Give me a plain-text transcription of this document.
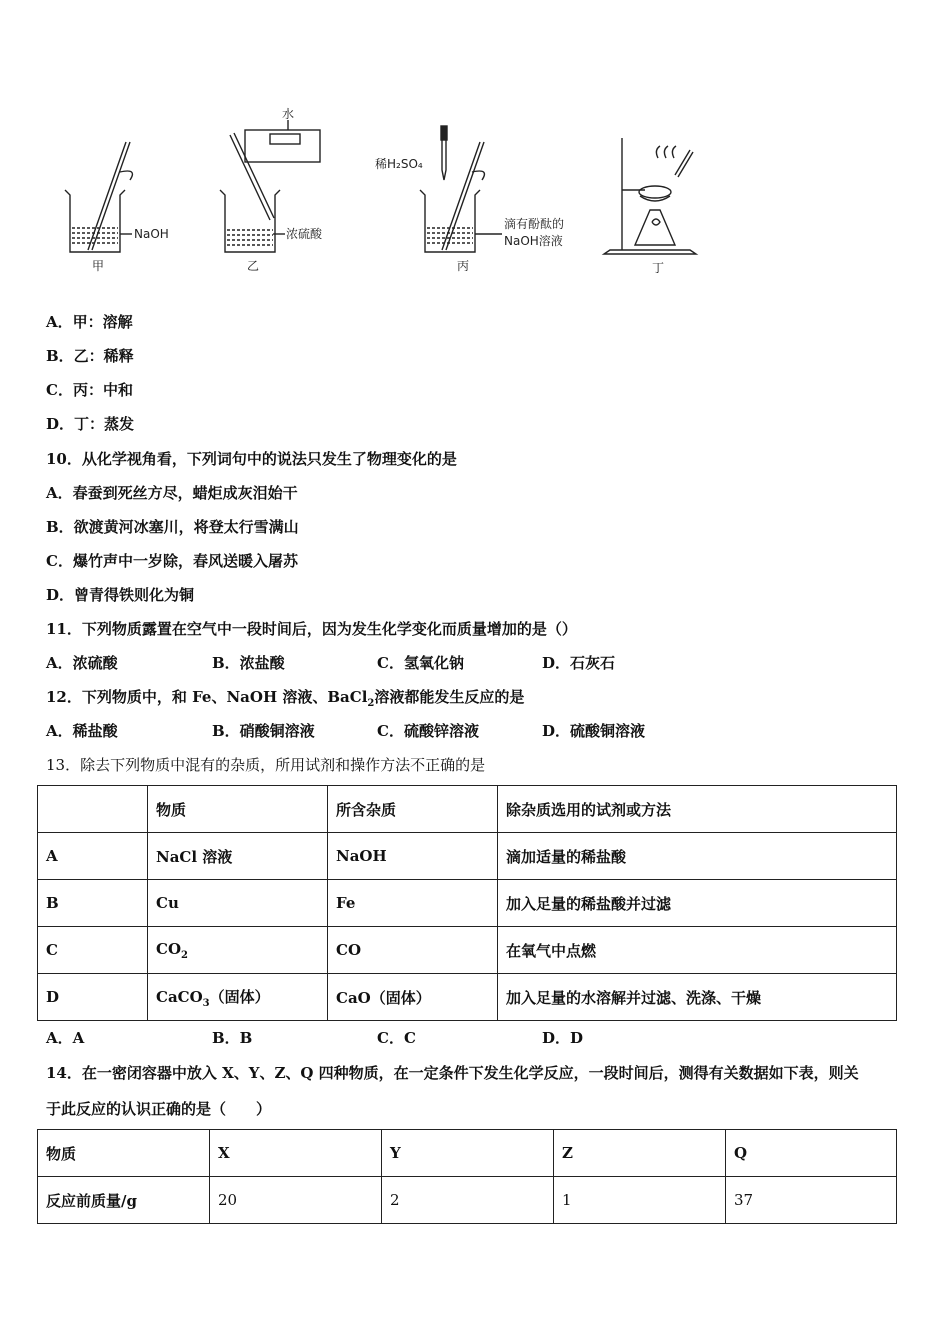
甲
NaOH
乙
水
浓硫酸
丙
稀H₂SO₄
滴有酚酞的
NaOH溶液
丁
A．甲：溶解
B．乙：稀释
C．丙：中和
D．丁：蒸发
10．从化学视角看，下列词句中的说法只发生了物理变化的是
A．春蚕到死丝方尽，蜡炬成灰泪始干
B．欲渡黄河冰塞川，将登太行雪满山
C．爆竹声中一岁除，春风送暖入屠苏
D．曾青得铁则化为铜
11．下列物质露置在空气中一段时间后，因为发生化学变化而质量增加的是（）
A．浓硫酸	B．浓盐酸	C．氢氧化钠	D．石灰石
12．下列物质中，和 Fe、NaOH 溶液、BaCl$_2$溶液都能发生反应的是
A．稀盐酸	B．硝酸铜溶液	C．硫酸锌溶液	D．硫酸铜溶液
13．除去下列物质中混有的杂质，所用试剂和操作方法不正确的是
	物质	所含杂质	除杂质选用的试剂或方法
A	NaCl 溶液	NaOH	滴加适量的稀盐酸
B	Cu	Fe	加入足量的稀盐酸并过滤
C	$CO_2$	CO	在氧气中点燃
D	CaCO$_3$（固体）	CaO（固体）	加入足量的水溶解并过滤、洗涤、干燥
A．A	B．B	C．C	D．D
14．在一密闭容器中放入 X、Y、Z、Q 四种物质，在一定条件下发生化学反应，一段时间后，测得有关数据如下表，则关
于此反应的认识正确的是（　　）
物质	X	Y	Z	Q
反应前质量/g	20	2	1	37
